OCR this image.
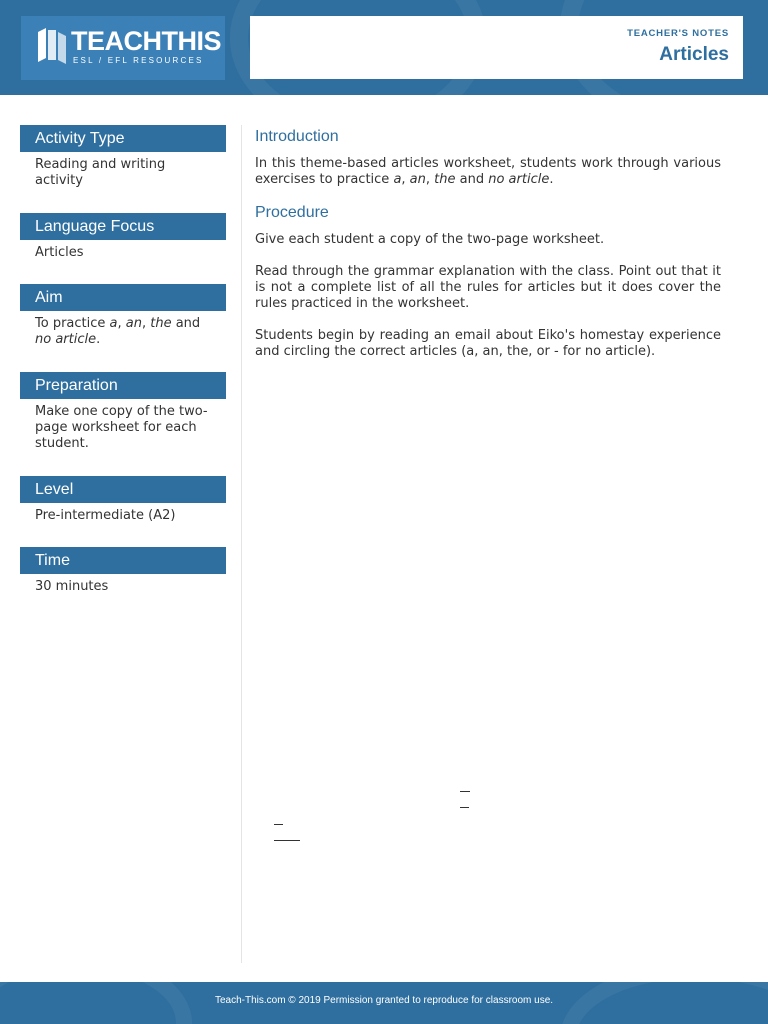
TEACHTHIS
ESL / EFL RESOURCES
TEACHER'S NOTES
Articles
Activity Type
Reading and writing activity
Language Focus
Articles
Aim
To practice a, an, the and
no article.
Preparation
Make one copy of the two-page worksheet for each student.
Level
Pre-intermediate (A2)
Time
30 minutes
Introduction

In this theme-based articles worksheet, students work through various exercises to practice a, an, the and no article.

Procedure

Give each student a copy of the two-page worksheet.

Read through the grammar explanation with the class. Point out that it is not a complete list of all the rules for articles but it does cover the rules practiced in the worksheet.

Students begin by reading an email about Eiko's homestay experience and circling the correct articles (a, an, the, or - for no article).

Teach-This.com © 2019 Permission granted to reproduce for classroom use.
